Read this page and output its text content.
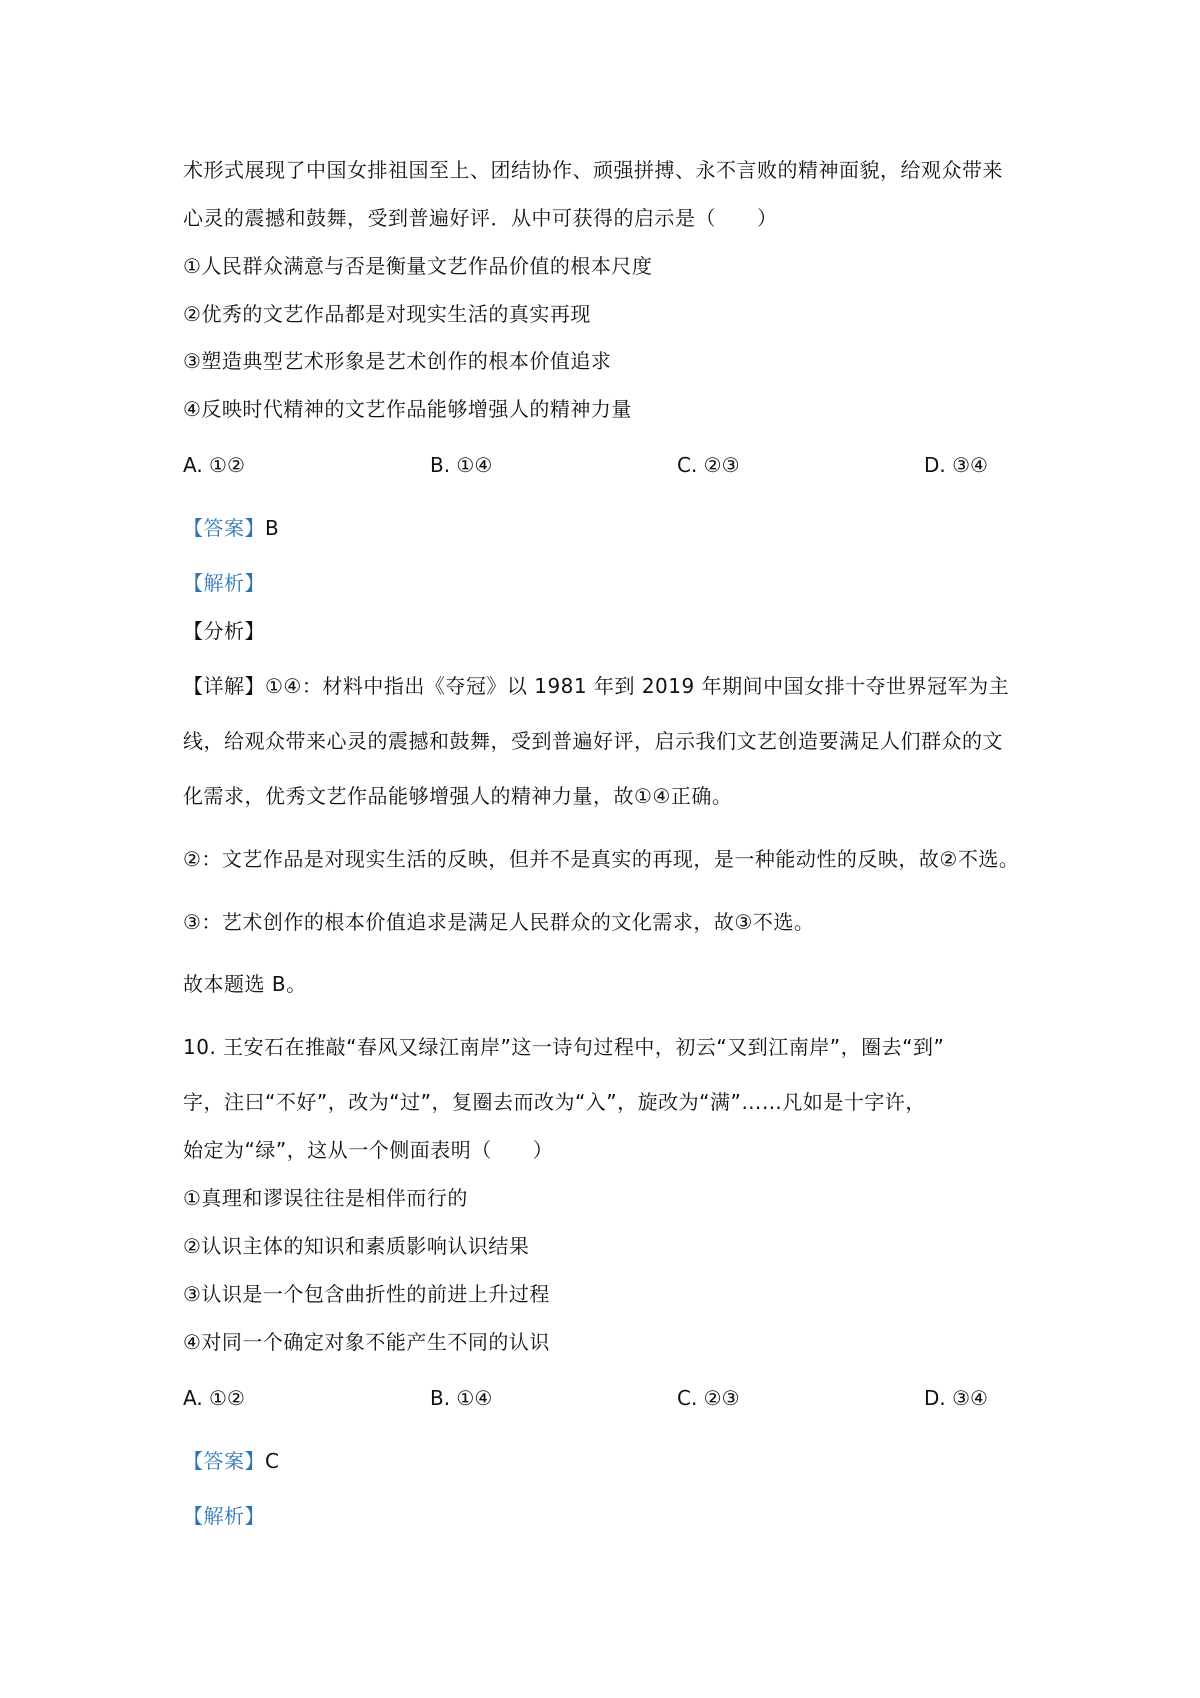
术形式展现了中国女排祖国至上、团结协作、顽强拼搏、永不言败的精神面貌，给观众带来
心灵的震撼和鼓舞，受到普遍好评．从中可获得的启示是（　　）
①人民群众满意与否是衡量文艺作品价值的根本尺度
②优秀的文艺作品都是对现实生活的真实再现
③塑造典型艺术形象是艺术创作的根本价值追求
④反映时代精神的文艺作品能够增强人的精神力量
A. ①②	B. ①④	C. ②③	D. ③④
【答案】B
【解析】
【分析】
【详解】①④：材料中指出《夺冠》以 1981 年到 2019 年期间中国女排十夺世界冠军为主
线，给观众带来心灵的震撼和鼓舞，受到普遍好评，启示我们文艺创造要满足人们群众的文
化需求，优秀文艺作品能够增强人的精神力量，故①④正确。
②：文艺作品是对现实生活的反映，但并不是真实的再现，是一种能动性的反映，故②不选。
③：艺术创作的根本价值追求是满足人民群众的文化需求，故③不选。
故本题选 B。
10. 王安石在推敲“春风又绿江南岸”这一诗句过程中，初云“又到江南岸”，圈去“到”
字，注曰“不好”，改为“过”，复圈去而改为“入”，旋改为“满”……凡如是十字许，
始定为“绿”，这从一个侧面表明（　　）
①真理和谬误往往是相伴而行的
②认识主体的知识和素质影响认识结果
③认识是一个包含曲折性的前进上升过程
④对同一个确定对象不能产生不同的认识
A. ①②	B. ①④	C. ②③	D. ③④
【答案】C
【解析】
